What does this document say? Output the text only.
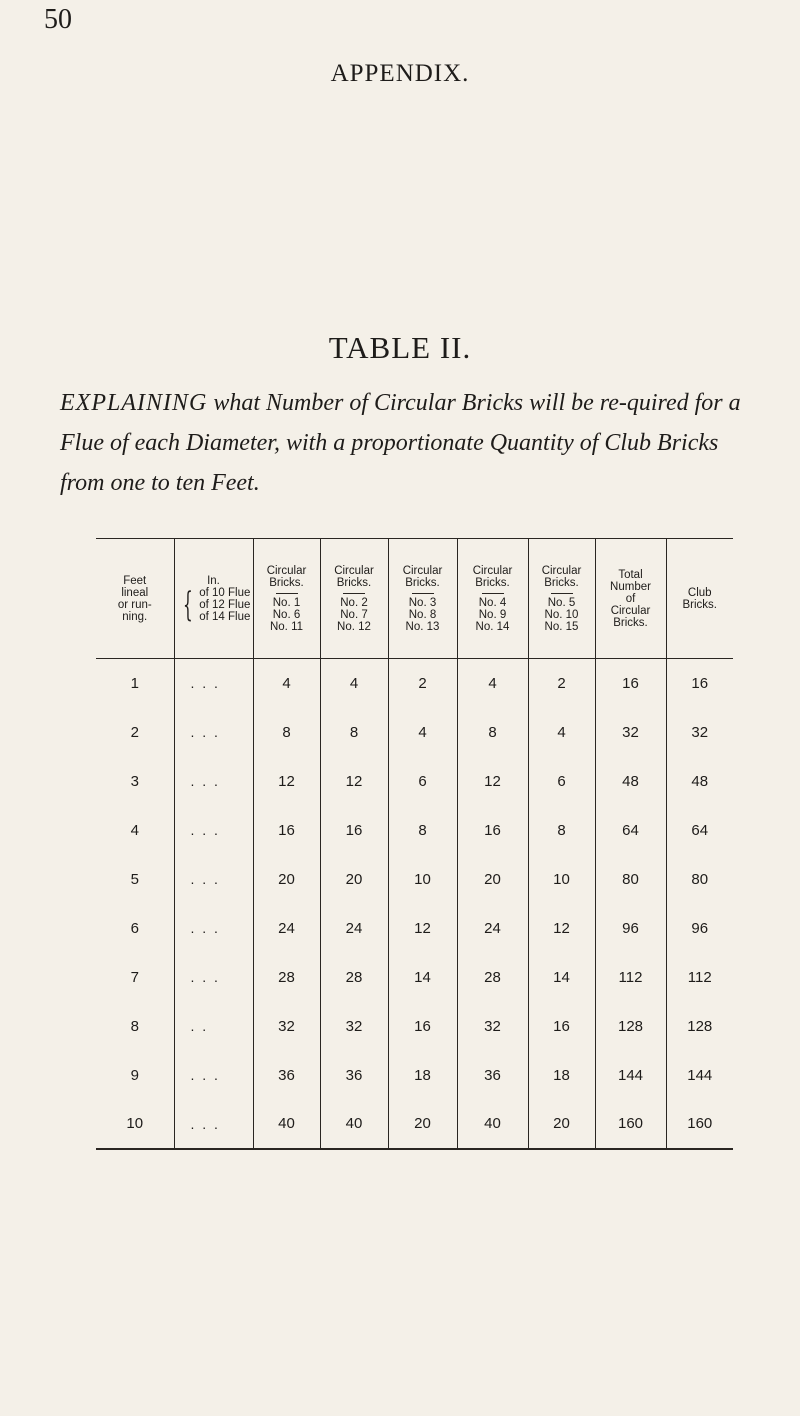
50
APPENDIX.
TABLE II.

EXPLAINING what Number of Circular Bricks will be re-quired for a Flue of each Diameter, with a proportionate Quantity of Club Bricks from one to ten Feet.

Feet
lineal
or run-
ning.	In.
{ of 10 Flue
of 12 Flue
of 14 Flue	Circular
Bricks.
No. 1
No. 6
No. 11	Circular
Bricks.
No. 2
No. 7
No. 12	Circular
Bricks.
No. 3
No. 8
No. 13	Circular
Bricks.
No. 4
No. 9
No. 14	Circular
Bricks.
No. 5
No. 10
No. 15	Total
Number
of
Circular
Bricks.	Club
Bricks.

1	. . .	4	4	2	4	2	16	16
2	. . .	8	8	4	8	4	32	32
3	. . .	12	12	6	12	6	48	48
4	. . .	16	16	8	16	8	64	64
5	. . .	20	20	10	20	10	80	80
6	. . .	24	24	12	24	12	96	96
7	. . .	28	28	14	28	14	112	112
8	. .	32	32	16	32	16	128	128
9	. . .	36	36	18	36	18	144	144
10	. . .	40	40	20	40	20	160	160
